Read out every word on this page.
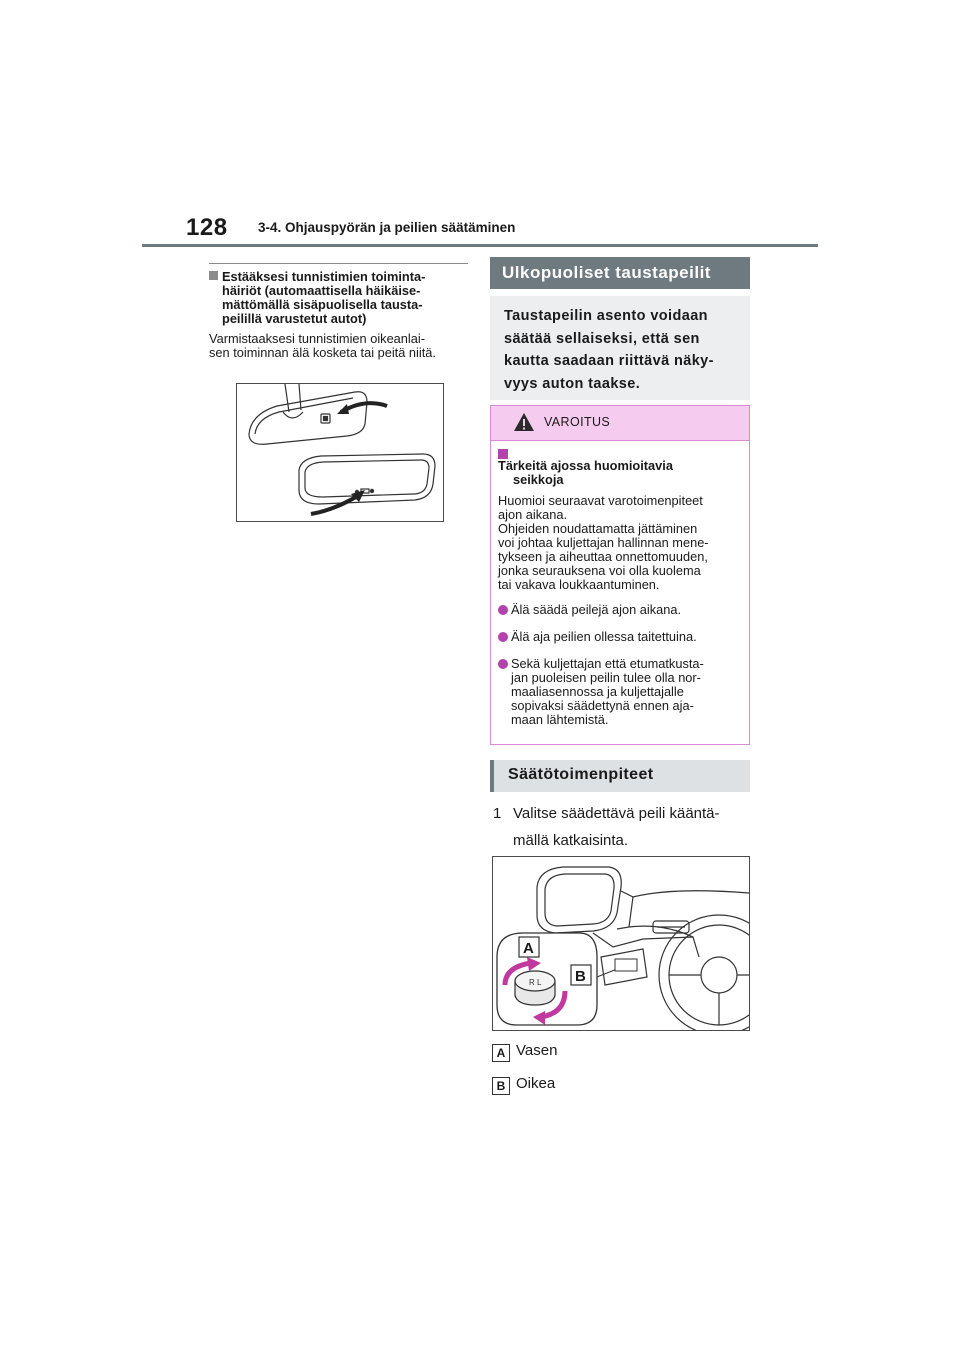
128 3-4. Ohjauspyörän ja peilien säätäminen
Estääksesi tunnistimien toiminta-
häiriöt (automaattisella häikäise-
mättömällä sisäpuolisella tausta-
peilillä varustetut autot)
Varmistaaksesi tunnistimien oikeanlai-
sen toiminnan älä kosketa tai peitä niitä.
Ulkopuoliset taustapeilit
Taustapeilin asento voidaan
säätää sellaiseksi, että sen
kautta saadaan riittävä näky-
vyys auton taakse.
VAROITUS
Tärkeitä ajossa huomioitavia
seikkoja
Huomioi seuraavat varotoimenpiteet
ajon aikana.
Ohjeiden noudattamatta jättäminen
voi johtaa kuljettajan hallinnan mene-
tykseen ja aiheuttaa onnettomuuden,
jonka seurauksena voi olla kuolema
tai vakava loukkaantuminen.
Älä säädä peilejä ajon aikana.
Älä aja peilien ollessa taitettuina.
Sekä kuljettajan että etumatkusta-
jan puoleisen peilin tulee olla nor-
maaliasennossa ja kuljettajalle
sopivaksi säädettynä ennen aja-
maan lähtemistä.
Säätötoimenpiteet
1 Valitse säädettävä peili kääntä-
mällä katkaisinta.
R L
A
B
A Vasen
B Oikea
